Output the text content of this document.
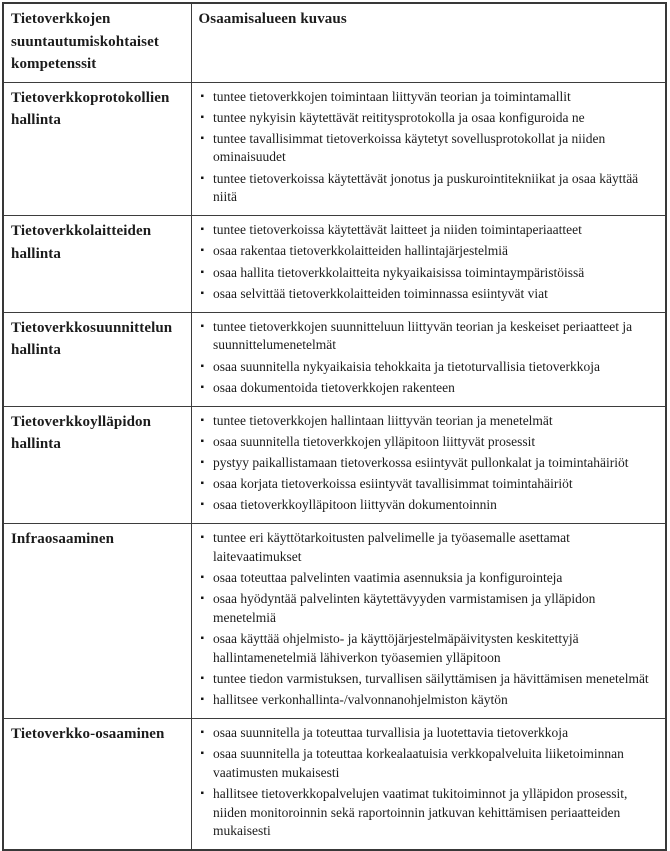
Tietoverkkojen suuntautumiskohtaiset kompetenssit	Osaamisalueen kuvaus
Tietoverkkoprotokollien hallinta	
▪ tuntee tietoverkkojen toimintaan liittyvän teorian ja toimintamallit
▪ tuntee nykyisin käytettävät reititysprotokolla ja osaa konfiguroida ne
▪ tuntee tavallisimmat tietoverkoissa käytetyt sovellusprotokollat ja niiden ominaisuudet
▪ tuntee tietoverkoissa käytettävät jonotus ja puskurointitekniikat ja osaa käyttää niitä

Tietoverkkolaitteiden hallinta	
▪ tuntee tietoverkoissa käytettävät laitteet ja niiden toimintaperiaatteet
▪ osaa rakentaa tietoverkkolaitteiden hallintajärjestelmiä
▪ osaa hallita tietoverkkolaitteita nykyaikaisissa toimintaympäristöissä
▪ osaa selvittää tietoverkkolaitteiden toiminnassa esiintyvät viat

Tietoverkkosuunnittelun hallinta	
▪ tuntee tietoverkkojen suunnitteluun liittyvän teorian ja keskeiset periaatteet ja suunnittelumenetelmät
▪ osaa suunnitella nykyaikaisia tehokkaita ja tietoturvallisia tietoverkkoja
▪ osaa dokumentoida tietoverkkojen rakenteen

Tietoverkkoylläpidon hallinta	
▪ tuntee tietoverkkojen hallintaan liittyvän teorian ja menetelmät
▪ osaa suunnitella tietoverkkojen ylläpitoon liittyvät prosessit
▪ pystyy paikallistamaan tietoverkossa esiintyvät pullonkalat ja toimintahäiriöt
▪ osaa korjata tietoverkoissa esiintyvät tavallisimmat toimintahäiriöt
▪ osaa tietoverkkoylläpitoon liittyvän dokumentoinnin

Infraosaaminen	▪ tuntee eri käyttötarkoitusten palvelimelle ja työasemalle asettamat laitevaatimukset
▪ osaa toteuttaa palvelinten vaatimia asennuksia ja konfigurointeja
▪ osaa hyödyntää palvelinten käytettävyyden varmistamisen ja ylläpidon menetelmiä
▪ osaa käyttää ohjelmisto- ja käyttöjärjestelmäpäivitysten keskitettyjä hallintamenetelmiä lähiverkon työasemien ylläpitoon
▪ tuntee tiedon varmistuksen, turvallisen säilyttämisen ja hävittämisen menetelmät
▪ hallitsee verkonhallinta-/valvonnanohjelmiston käytön

Tietoverkko-osaaminen	▪ osaa suunnitella ja toteuttaa turvallisia ja luotettavia tietoverkkoja
▪ osaa suunnitella ja toteuttaa korkealaatuisia verkkopalveluita liiketoiminnan vaatimusten mukaisesti
▪ hallitsee tietoverkkopalvelujen vaatimat tukitoiminnot ja ylläpidon prosessit, niiden monitoroinnin sekä raportoinnin jatkuvan kehittämisen periaatteiden mukaisesti
